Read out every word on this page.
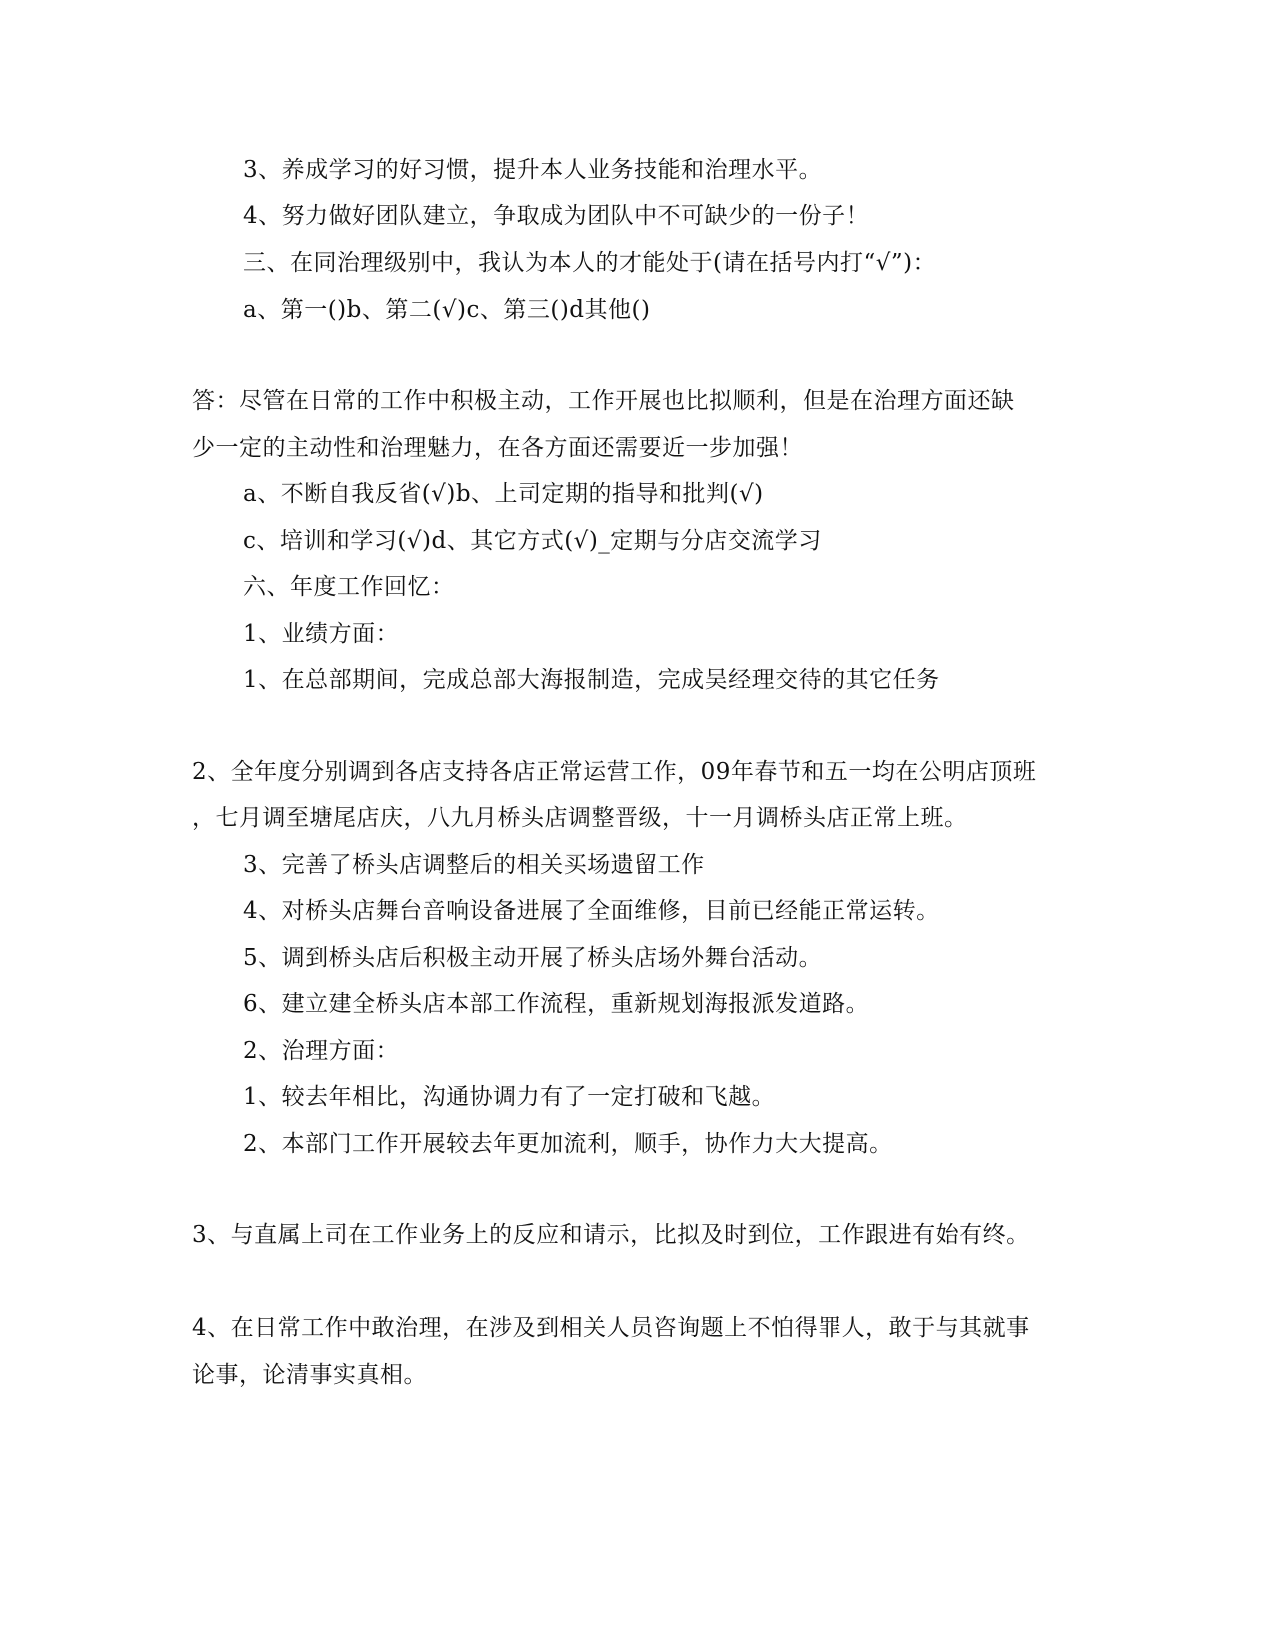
3、养成学习的好习惯，提升本人业务技能和治理水平。
4、努力做好团队建立，争取成为团队中不可缺少的一份子！
三、在同治理级别中，我认为本人的才能处于(请在括号内打“√”)：
a、第一()b、第二(√)c、第三()d其他()
答：尽管在日常的工作中积极主动，工作开展也比拟顺利，但是在治理方面还缺
少一定的主动性和治理魅力，在各方面还需要近一步加强！
a、不断自我反省(√)b、上司定期的指导和批判(√)
c、培训和学习(√)d、其它方式(√)_定期与分店交流学习
六、年度工作回忆：
1、业绩方面：
1、在总部期间，完成总部大海报制造，完成吴经理交待的其它任务
2、全年度分别调到各店支持各店正常运营工作，09年春节和五一均在公明店顶班
，七月调至塘尾店庆，八九月桥头店调整晋级，十一月调桥头店正常上班。
3、完善了桥头店调整后的相关买场遗留工作
4、对桥头店舞台音响设备进展了全面维修，目前已经能正常运转。
5、调到桥头店后积极主动开展了桥头店场外舞台活动。
6、建立建全桥头店本部工作流程，重新规划海报派发道路。
2、治理方面：
1、较去年相比，沟通协调力有了一定打破和飞越。
2、本部门工作开展较去年更加流利，顺手，协作力大大提高。
3、与直属上司在工作业务上的反应和请示，比拟及时到位，工作跟进有始有终。
4、在日常工作中敢治理，在涉及到相关人员咨询题上不怕得罪人，敢于与其就事
论事，论清事实真相。
